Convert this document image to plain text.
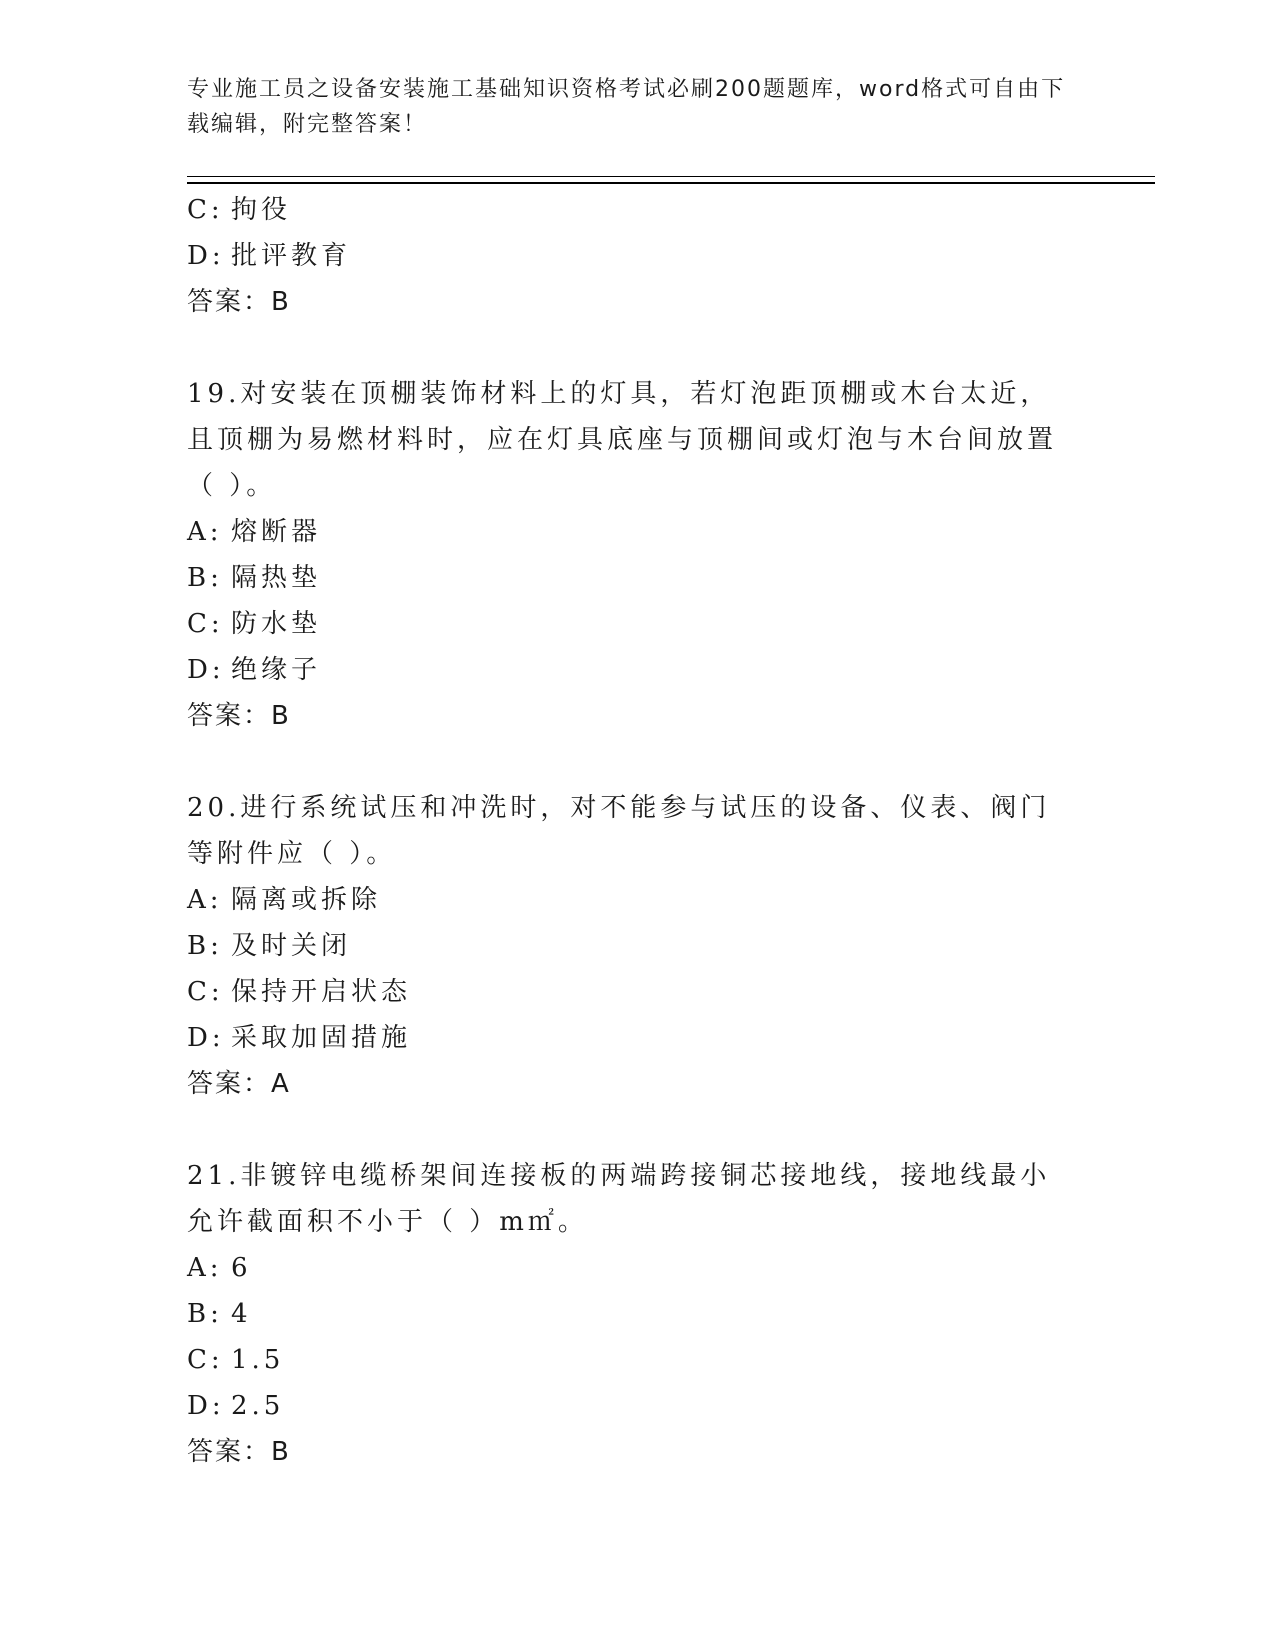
专业施工员之设备安装施工基础知识资格考试必刷200题题库，word格式可自由下载编辑，附完整答案！
C: 拘役
D: 批评教育
答案：B
19.对安装在顶棚装饰材料上的灯具，若灯泡距顶棚或木台太近，且顶棚为易燃材料时，应在灯具底座与顶棚间或灯泡与木台间放置（ ）。
A: 熔断器
B: 隔热垫
C: 防水垫
D: 绝缘子
答案：B
20.进行系统试压和冲洗时，对不能参与试压的设备、仪表、阀门等附件应（ ）。
A: 隔离或拆除
B: 及时关闭
C: 保持开启状态
D: 采取加固措施
答案：A
21.非镀锌电缆桥架间连接板的两端跨接铜芯接地线，接地线最小允许截面积不小于（ ）m㎡。
A: 6
B: 4
C: 1.5
D: 2.5
答案：B
